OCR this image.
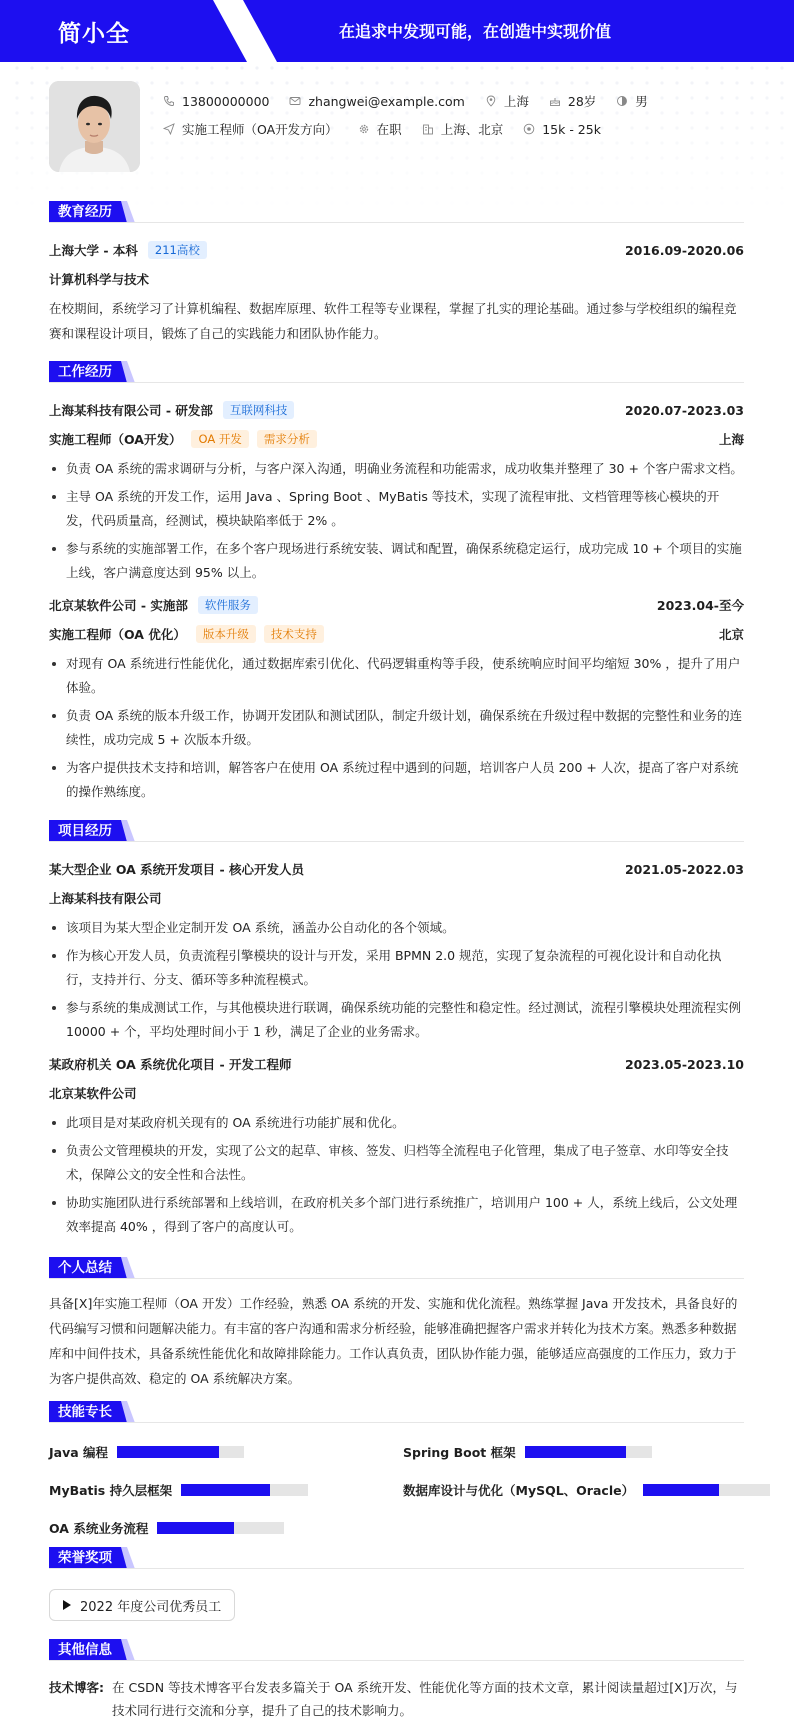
简小全	在追求中发现可能，在创造中实现价值
13800000000	zhangwei@example.com	上海	28岁	男
实施工程师（OA开发方向）	在职	上海、北京	15k - 25k
教育经历
上海大学 - 本科	211高校	2016.09-2020.06
计算机科学与技术
在校期间，系统学习了计算机编程、数据库原理、软件工程等专业课程，掌握了扎实的理论基础。通过参与学校组织的编程竞赛和课程设计项目，锻炼了自己的实践能力和团队协作能力。
工作经历
上海某科技有限公司 - 研发部	互联网科技	2020.07-2023.03
实施工程师（OA开发）	OA 开发	需求分析	上海
负责 OA 系统的需求调研与分析，与客户深入沟通，明确业务流程和功能需求，成功收集并整理了 30 + 个客户需求文档。
主导 OA 系统的开发工作，运用 Java 、Spring Boot 、MyBatis 等技术，实现了流程审批、文档管理等核心模块的开发，代码质量高，经测试，模块缺陷率低于 2% 。
参与系统的实施部署工作，在多个客户现场进行系统安装、调试和配置，确保系统稳定运行，成功完成 10 + 个项目的实施上线，客户满意度达到 95% 以上。
北京某软件公司 - 实施部	软件服务	2023.04-至今
实施工程师（OA 优化）	版本升级	技术支持	北京
对现有 OA 系统进行性能优化，通过数据库索引优化、代码逻辑重构等手段，使系统响应时间平均缩短 30% ，提升了用户体验。
负责 OA 系统的版本升级工作，协调开发团队和测试团队，制定升级计划，确保系统在升级过程中数据的完整性和业务的连续性，成功完成 5 + 次版本升级。
为客户提供技术支持和培训，解答客户在使用 OA 系统过程中遇到的问题，培训客户人员 200 + 人次，提高了客户对系统的操作熟练度。
项目经历
某大型企业 OA 系统开发项目 - 核心开发人员	2021.05-2022.03
上海某科技有限公司
该项目为某大型企业定制开发 OA 系统，涵盖办公自动化的各个领域。
作为核心开发人员，负责流程引擎模块的设计与开发，采用 BPMN 2.0 规范，实现了复杂流程的可视化设计和自动化执行，支持并行、分支、循环等多种流程模式。
参与系统的集成测试工作，与其他模块进行联调，确保系统功能的完整性和稳定性。经过测试，流程引擎模块处理流程实例 10000 + 个，平均处理时间小于 1 秒，满足了企业的业务需求。
某政府机关 OA 系统优化项目 - 开发工程师	2023.05-2023.10
北京某软件公司
此项目是对某政府机关现有的 OA 系统进行功能扩展和优化。
负责公文管理模块的开发，实现了公文的起草、审核、签发、归档等全流程电子化管理，集成了电子签章、水印等安全技术，保障公文的安全性和合法性。
协助实施团队进行系统部署和上线培训，在政府机关多个部门进行系统推广，培训用户 100 + 人，系统上线后，公文处理效率提高 40% ，得到了客户的高度认可。
个人总结
具备[X]年实施工程师（OA 开发）工作经验，熟悉 OA 系统的开发、实施和优化流程。熟练掌握 Java 开发技术，具备良好的代码编写习惯和问题解决能力。有丰富的客户沟通和需求分析经验，能够准确把握客户需求并转化为技术方案。熟悉多种数据库和中间件技术，具备系统性能优化和故障排除能力。工作认真负责，团队协作能力强，能够适应高强度的工作压力，致力于为客户提供高效、稳定的 OA 系统解决方案。
技能专长
Java 编程	Spring Boot 框架
MyBatis 持久层框架	数据库设计与优化（MySQL、Oracle）
OA 系统业务流程
荣誉奖项
2022 年度公司优秀员工
其他信息
技术博客: 在 CSDN 等技术博客平台发表多篇关于 OA 系统开发、性能优化等方面的技术文章，累计阅读量超过[X]万次，与技术同行进行交流和分享，提升了自己的技术影响力。
